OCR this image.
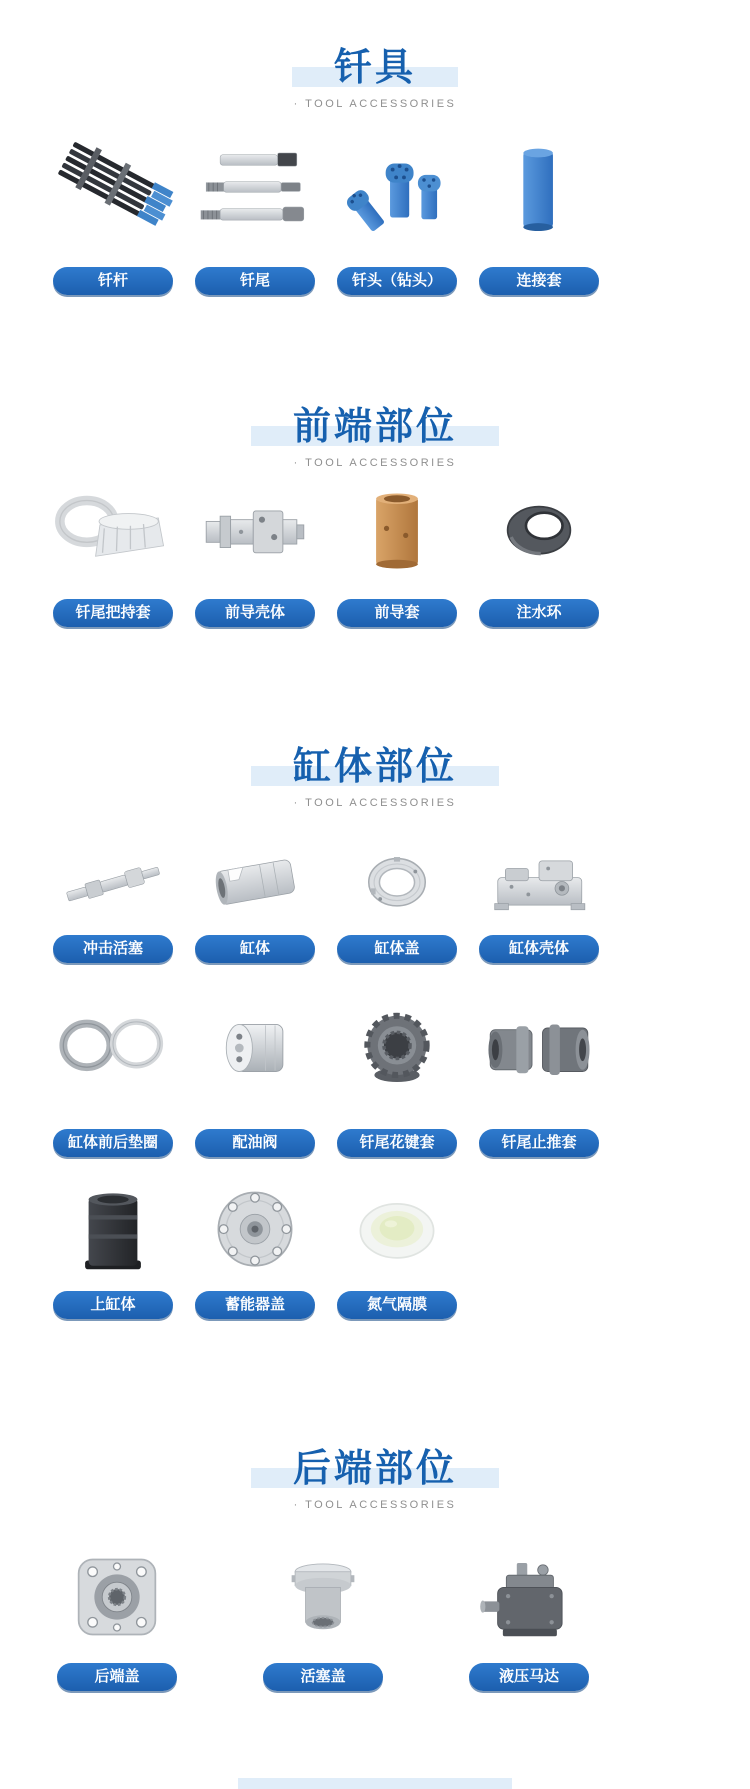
钎具
· TOOL ACCESSORIES
钎杆	钎尾	钎头（钻头）	连接套
前端部位
· TOOL ACCESSORIES
钎尾把持套	前导壳体	前导套	注水环
缸体部位
· TOOL ACCESSORIES
冲击活塞	缸体	缸体盖	缸体壳体
缸体前后垫圈	配油阀	钎尾花键套	钎尾止推套
上缸体	蓄能器盖	氮气隔膜
后端部位
· TOOL ACCESSORIES
后端盖	活塞盖	液压马达
